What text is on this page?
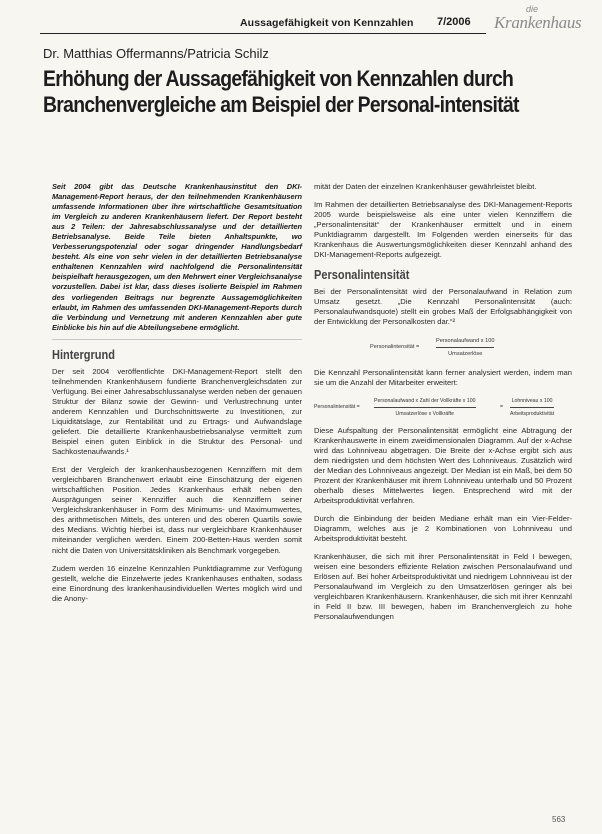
Aussagefähigkeit von Kennzahlen 7/2006
die
Krankenhaus
Dr. Matthias Offermanns/Patricia Schilz
Erhöhung der Aussagefähigkeit von Kennzahlen durch Branchenvergleiche am Beispiel der Personal-intensität
Seit 2004 gibt das Deutsche Krankenhausinstitut den DKI-Management-Report heraus, der den teilnehmenden Krankenhäusern umfassende Informationen über ihre wirtschaftliche Gesamtsituation im Vergleich zu anderen Krankenhäusern liefert. Der Report besteht aus 2 Teilen: der Jahresabschlussanalyse und der detaillierten Betriebsanalyse. Beide Teile bieten Anhaltspunkte, wo Verbesserungspotenzial oder sogar dringender Handlungsbedarf besteht. Als eine von sehr vielen in der detaillierten Betriebsanalyse enthaltenen Kennzahlen wird nachfolgend die Personalintensität beispielhaft herausgezogen, um den Mehrwert einer Vergleichsanalyse vorzustellen. Dabei ist klar, dass dieses isolierte Beispiel im Rahmen des vorliegenden Beitrags nur begrenzte Aussagemöglichkeiten erlaubt, im Rahmen des umfassenden DKI-Management-Reports durch die Verbindung und Vernetzung mit anderen Kennzahlen aber gute Einblicke bis hin auf die Abteilungsebene ermöglicht.
Hintergrund

Der seit 2004 veröffentlichte DKI-Management-Report stellt den teilnehmenden Krankenhäusern fundierte Branchenvergleichsdaten zur Verfügung. Bei einer Jahresabschlussanalyse werden neben der genauen Struktur der Bilanz sowie der Gewinn- und Verlustrechnung unter anderem Kennzahlen und Durchschnittswerte zu Investitionen, zur Liquiditätslage, zur Rentabilität und zu Ertrags- und Aufwandslage geliefert. Die detaillierte Krankenhausbetriebsanalyse vermittelt zum Beispiel einen guten Einblick in die Struktur des Personal- und Sachkostenaufwands.¹

Erst der Vergleich der krankenhausbezogenen Kennziffern mit dem vergleichbaren Branchenwert erlaubt eine Einschätzung der eigenen wirtschaftlichen Position. Jedes Krankenhaus erhält neben den Ausprägungen seiner Kennziffer auch die Kennziffern seiner Vergleichskrankenhäuser in Form des Minimums- und Maximumwertes, des arithmetischen Mittels, des unteren und des oberen Quartils sowie des Medians. Wichtig hierbei ist, dass nur vergleichbare Krankenhäuser miteinander verglichen werden. Einem 200-Betten-Haus werden somit nicht die Daten von Universitätskliniken als Benchmark vorgegeben.

Zudem werden 16 einzelne Kennzahlen Punktdiagramme zur Verfügung gestellt, welche die Einzelwerte jedes Krankenhauses enthalten, sodass eine Einordnung des krankenhausindividuellen Wertes möglich wird und die Anony-

mität der Daten der einzelnen Krankenhäuser gewährleistet bleibt.

Im Rahmen der detaillierten Betriebsanalyse des DKI-Management-Reports 2005 wurde beispielsweise als eine unter vielen Kennziffern die „Personalintensität“ der Krankenhäuser ermittelt und in einem Punktdiagramm dargestellt. Im Folgenden werden einerseits für das Krankenhaus die Auswertungsmöglichkeiten dieser Kennzahl anhand des DKI-Management-Reports aufgezeigt.

Personalintensität

Bei der Personalintensität wird der Personalaufwand in Relation zum Umsatz gesetzt. „Die Kennzahl Personalintensität (auch: Personalaufwandsquote) stellt ein grobes Maß der Erfolgsabhängigkeit von der Entwicklung der Personalkosten dar.“²

Personalintensität =
Personalaufwand x 100
Umsatzerlöse

Die Kennzahl Personalintensität kann ferner analysiert werden, indem man sie um die Anzahl der Mitarbeiter erweitert:

Personalintensität =
Personalaufwand x Zahl der Vollkräfte x 100
Umsatzerlöse x Vollkräfte
=
Lohnniveau x 100
Arbeitsproduktivität

Diese Aufspaltung der Personalintensität ermöglicht eine Abtragung der Krankenhauswerte in einem zweidimensionalen Diagramm. Auf der x-Achse wird das Lohnniveau abgetragen. Die Breite der x-Achse ergibt sich aus dem niedrigsten und dem höchsten Wert des Lohnniveaus. Zusätzlich wird der Median des Lohnniveaus angezeigt. Der Median ist ein Maß, bei dem 50 Prozent der Krankenhäuser mit ihrem Lohnniveau unterhalb und 50 Prozent oberhalb dieses Mittelwertes liegen. Entsprechend wird mit der Arbeitsproduktivität verfahren.

Durch die Einbindung der beiden Mediane erhält man ein Vier-Felder-Diagramm, welches aus je 2 Kombinationen von Lohnniveau und Arbeitsproduktivität besteht.

Krankenhäuser, die sich mit ihrer Personalintensität in Feld I bewegen, weisen eine besonders effiziente Relation zwischen Personalaufwand und Erlösen auf. Bei hoher Arbeitsproduktivität und niedrigem Lohnniveau ist der Personalaufwand im Vergleich zu den Umsatzerlösen geringer als bei vergleichbaren Krankenhäusern. Krankenhäuser, die sich mit ihrer Kennzahl in Feld II bzw. III bewegen, haben im Branchenvergleich zu hohe Personalaufwendungen

563
